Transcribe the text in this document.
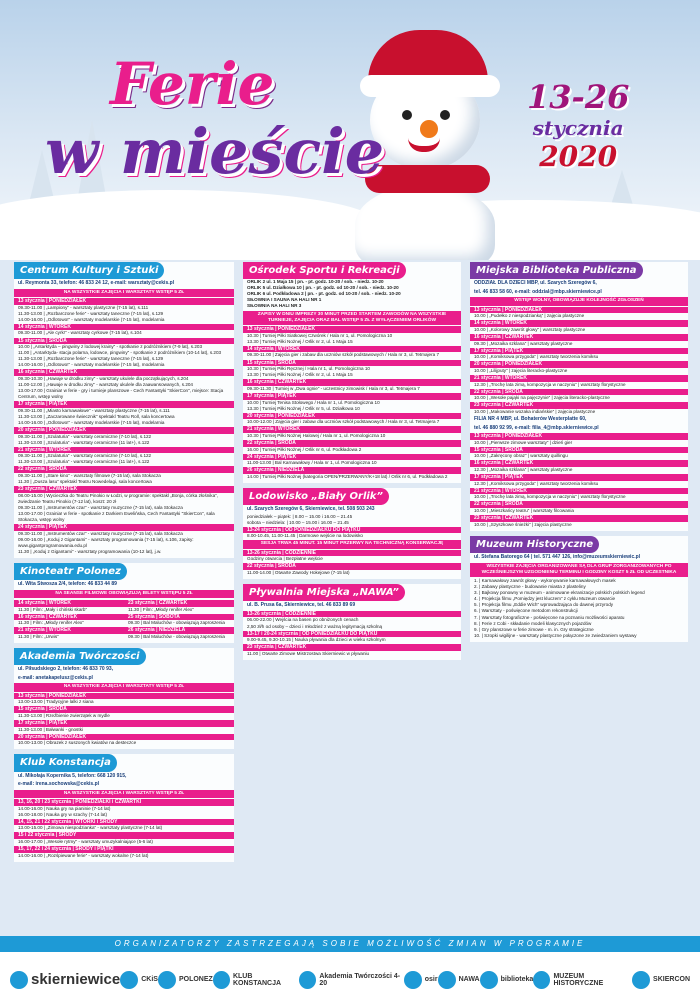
Ferie
w mieście
13-26
stycznia
2020
Centrum Kultury i Sztuki
ul. Reymonta 33, telefon: 46 833 24 12, e-mail: warsztaty@cekis.pl
NA WSZYSTKIE ZAJĘCIA I WARSZTATY WSTĘP 5 ZŁ
13 stycznia | PONIEDZIAŁEK
09.30-11.00 | „Lampiony” - warsztaty plastyczne (7-15 lat), s.111
11.30-13.00 | „Rozbarczone ferie” - warsztaty taneczne (7-15 lat), s.129
14.00-16.00 | „Odlotowo!” - warsztaty modelarskie (7-15 lat), modelarnia
14 stycznia | WTOREK
09.30-11.00 | „Ale cyrk!” - warsztaty cyrkowe (7-15 lat), s.104
15 stycznia | ŚRODA
10.00 | „Antarktyda – pingwiny z lodowej krainy” - spotkanie z podróżnikiem (7-9 lat), s.203
11.00 | „Antarktyda- stacja polarna, lodowce, pingwiny” - spotkanie z podróżnikiem (10-14 lat), s.203
11.30-13.00 | „Rozbarczone ferie” - warsztaty taneczne (7-15 lat), s.129
14.00-16.00 | „Odlotowo!” - warsztaty modelarskie (7-15 lat), modelarnia
16 stycznia | CZWARTEK
09.30-10.30 | „Hawaje w drodku zimy” - warsztaty ukulele dla początkujących, s.204
11.00-12.00 | „Hawaje w drodku zimy” - warsztaty ukulele dla zaawansowanych, s.204
13.00-17.00 | Grainia! w ferie - gry i turnieje planszowe - Cech Fantastyki "SkierCon", miejsce: Stacja Centrum, wstęp wolny
17 stycznia | PIĄTEK
09.30-11.00 | „Miasto karnawałowe” - warsztaty plastyczne (7-15 lat), s.111
11.30-13.00 | „Zaczarowane świecznik” spektakl Teatru Roll, sala koncertowa
14.00-16.00 | „Odlotowo!” - warsztaty modelarskie (7-15 lat), modelarnia
20 stycznia | PONIEDZIAŁEK
09.30-11.00 | „Szulaturia” - warsztaty ceramiczne (7-10 lat), s.122
11.30-13.00 | „Szulaturia” - warsztaty ceramiczne (11 lat+), s.122
21 stycznia | WTOREK
09.30-11.00 | „Szulaturia” - warsztaty ceramiczne (7-10 lat), s.122
11.30-13.00 | „Szulaturia” - warsztaty ceramiczne (11 lat+), s.122
22 stycznia | ŚRODA
09.30-11.00 | „Stare kino” - warsztaty filmowe (7-15 lat), sala Stokacza
11.30 | „Dusza lasu” spektakl Teatru Nowedelagi, sala koncertowa
23 stycznia | CZWARTEK
08.00-15.00 | Wycieczka do Teatru Pinokio w Łodzi, w programie: spektakl „Bonja, córka złośnika”, zwiedzanie Teatru Pinokio (7-12 lat), koszt: 20 zł
09.30-11.00 | „Instrumentów czar” - warsztaty muzyczne (7-15 lat), sala Stokacza
13.00-17.00 | Grainia! w ferie - spotkanie z Darkiem Ewelińska, Cech Fantastyki "SkierCon", sala Stokacza, wstęp wolny
24 stycznia | PIĄTEK
09.30-11.00 | „Instrumentów czar” - warsztaty muzyczne (7-15 lat), sala Stokacza
09.00-16.00 | „Koduj z Gigantami” - warsztaty programowania (7-15 lat), s.106, zapisy: www.gigantprogramowania.edu.pl
11.30 | „Koduj z Gigantami” - warsztaty programowania (10-12 lat), j.w.
Kinoteatr Polonez
ul. Wita Stwosza 2/4, telefon: 46 833 44 89
NA SEANSE FILMOWE OBOWIĄZUJĄ BILETY WSTĘPU 5 ZŁ
14 stycznia | WTOREK
11.30 | Film: „Mały i chiński skarb”
16 stycznia | CZWARTEK
11.30 | Film: „Młody renifer Alex”
21 stycznia | WTOREK
11.30 | Film: „Urwis”
23 stycznia | CZWARTEK
11.30 | Film: „Młody renifer Alex”
25 stycznia | SOBOTA
09.30 | Bal Maluchów - obowiązują zaproszenia
26 stycznia | NIEDZIELA
09.30 | Bal Maluchów - obowiązują zaproszenia
Akademia Twórczości
ul. Piłsudskiego 2, telefon: 46 833 70 93,
e-mail: anetakapelusz@cekis.pl
NA WSZYSTKIE ZAJĘCIA I WARSZTATY WSTĘP 5 ZŁ
13 stycznia | PONIEDZIAŁEK
13.00-13.00 | Tradycyjne lalki z siana
15 stycznia | ŚRODA
11.30-13.00 | Rzeźbienie zwierzątek w mydle
17 stycznia | PIĄTEK
11.30-13.00 | Bałwanki - gnostki
20 stycznia | PONIEDZIAŁEK
10.00-13.00 | Obrazek z suszonych kwiatów na desteczce
Klub Konstancja
ul. Mikołaja Kopernika 5, telefon: 668 120 915,
e-mail: irena.sochowska@cekis.pl
NA WSZYSTKIE ZAJĘCIA I WARSZTATY WSTĘP 5 ZŁ
13, 16, 20 i 23 stycznia | PONIEDZIAŁKI i CZWARTKI
14.00-16.00 | Nauka gry na pianinie (7-14 lat)
16.00-18.00 | Nauka gry w szachy (7-14 lat)
14, 15, 21 i 22 stycznia | WTORKI i ŚRODY
13.00-15.00 | „Zimowa niespodzianka” - warsztaty plastyczne (7-14 lat)
15 i 22 stycznia | ŚRODY
16.00-17.00 | „Wesołe rytmy” - warsztaty umuzykalniające (5-6 lat)
15, 17, 22 i 24 stycznia | ŚRODY i PIĄTKI
14.00-16.00 | „Rozśpiewane ferie” - warsztaty wokalne (7-14 lat)
Ośrodek Sportu i Rekreacji
ORLIK 2 ul. 1 Maja 15 | pn. - pt. godz. 10-20 / sob. - niedz. 10-20
ORLIK 5 ul. Działkowa 10 | pn. - pt. godz. od 10-20 / sob. - niedz. 10-20
ORLIK 6 ul. Podkładowa 2 | pn. - pt. godz. od 10-20 / sob. - niedz. 10-20
SIŁOWNIA I SAUNA NA HALI NR 1
SIŁOWNIA NA HALI NR 3
ZAPISY W DNIU IMPREZY 30 MINUT PRZED STARTEM ZAWODÓW NA WSZYSTKIE TURNIEJE, ZAJĘCIA ORAZ BAL WSTĘP 5 ZŁ Z WYŁĄCZENIEM ORLIKÓW
13 stycznia | PONIEDZIAŁEK
10.30 | Turniej Piłki Siatkowej Czwórek / Hala nr 1, ul. Pomologiczna 10
13.30 | Turniej Piłki Nożnej / Orlik nr 2, ul. 1 Maja 15
14 stycznia | WTOREK
09.30-11.00 | Zajęcia gier i zabaw dla uczniów szkół podstawowych / Hala nr 3, ul. Tetmajera 7
15 stycznia | ŚRODA
10.30 | Turniej Piłki Ręcznej / Hala nr 1, ul. Pomologiczna 10
13.30 | Turniej Piłki Nożnej / Orlik nr 2, ul. 1 Maja 15
16 stycznia | CZWARTEK
09.30-11.30 | Turniej w „Dwa ognie” - uczestnicy zimowisk / Hala nr 3, ul. Tetmajera 7
17 stycznia | PIĄTEK
10.00 | Turniej Tenisa Stołowego / Hala nr 1, ul. Pomologiczna 10
13.30 | Turniej Piłki Nożnej / Orlik nr 5, ul. Działkowa 10
20 stycznia | PONIEDZIAŁEK
10.00-12.00 | Zajęcia gier i zabaw dla uczniów szkół podstawowych / Hala nr 3, ul. Tetmajera 7
21 stycznia | WTOREK
10.30 | Turniej Piłki Nożnej Halowej / Hala nr 1, ul. Pomologiczna 10
22 stycznia | ŚRODA
16.00 | Turniej Piłki Nożnej / Orlik nr 6, ul. Podkładowa 2
24 stycznia | PIĄTEK
11.00-13.00 | Bal Karnawałowy / Hala nr 1, ul. Pomologiczna 10
26 stycznia | NIEDZIELA
14.00 | Turniej Piłki Nożnej (kategoria OPEN/PRZERWANY/K+18 lat) / Orlik nr 6, ul. Podkładowa 2
Lodowisko „Biały Orlik”
ul. Szarych Szeregów 6, Skierniewice, tel. 508 503 243
poniedziałek – piątek: | 8.00 – 15.00 i 16.00 – 21.45
sobota – niedziela: | 10.00 – 15.00 i 16.00 – 21.45
13-24 stycznia | OD PONIEDZIAŁKU DO PIĄTKU
8.00-10.45, 11.00-11.45 | Darmowe wejście na lodowisko
SESJA TRWA 45 MINUT. 15 MINUT PRZERWY NA TECHNICZNĄ KONSERWACJĘ
13-26 stycznia | CODZIENNIE
Godziny otwarcia | Bezpłatne wejście
22 stycznia | ŚRODA
11.00-14.00 | Otwarte Zawody Hokejowe (7-15 lat)
Pływalnia Miejska „NAWA”
ul. B. Prusa 6a, Skierniewice, tel. 46 833 89 69
13-26 stycznia | CODZIENNIE
06.00-22.00 | Wejścia na basen po obniżonych cenach
2,50 zł/h od osoby – dzieci i młodzież z ważną legitymacją szkolną
13-17 i 20-24 stycznia | OD PONIEDZIAŁKU DO PIĄTKU
9.00-9.45, 9.30-10.15 | Nauka pływania dla dzieci w wieku szkolnym
23 stycznia | CZWARTEK
11.00 | Otwarte Zimowe Mistrzostwa Skierniewic w pływaniu
Miejska Biblioteka Publiczna
ODDZIAŁ DLA DZIECI MBP, ul. Szarych Szeregów 6,
tel. 46 833 58 60, e-mail: oddzial@mbp.skierniewice.pl
WSTĘP WOLNY, OBOWIĄZUJE KOLEJNOŚĆ ZGŁOSZEŃ
13 stycznia | PONIEDZIAŁEK
10.00 | „Pudełko z niespodzianką” | zajęcia plastyczne
14 stycznia | WTOREK
10.00 | „Kolorowy zawrót głowy” | warsztaty plastyczne
16 stycznia | CZWARTEK
09.30 | „Mozaika szklana” | warsztaty plastyczne
17 stycznia | PIĄTEK
10.00 | „Komiksowa przygoda” | warsztaty tworzenia komiksu
20 stycznia | PONIEDZIAŁEK
10.00 | „Lilijputy” | zajęcia literacko-plastyczne
21 stycznia | WTOREK
12.30 | „Trochę lata zimą, kompozycja w naczyniu” | warsztaty florystyczne
22 stycznia | ŚRODA
10.00 | „Wesołe pająki na pajęczynie” | zajęcia literacko-plastyczne
23 stycznia | CZWARTEK
10.00 | „Makowanie wozaka indiańskie” | zajęcia plastyczne
FILIA NR 4 MBP, ul. Bohaterów Westerplatte 60,
tel. 46 880 92 99, e-mail: filia_4@mbp.skierniewice.pl
13 stycznia | PONIEDZIAŁEK
10.00 | „Pierwsze zimowe warsztaty” | dzień gier
15 stycznia | ŚRODA
10.00 | „Zakręcony obraz” | warsztaty quillingu
16 stycznia | CZWARTEK
12.30 | „Mozaika szklana” | warsztaty plastyczne
17 stycznia | PIĄTEK
12.30 | „Komiksowa przygoda” | warsztaty tworzenia komiksu
21 stycznia | WTOREK
10.00 | „Trochę lata zimą, kompozycja w naczyniu” | warsztaty florystyczne
22 stycznia | ŚRODA
10.00 | „Mieszkańcy teatru” | warsztaty filcowania
23 stycznia | CZWARTEK
10.00 | „Szyszkowe śnieżki” | zajęcia plastyczne
Muzeum Historyczne
ul. Stefana Batorego 64 | tel. 571 447 126, info@muzeumskierniewic.pl
WSZYSTKIE ZAJĘCIA ORGANIZOWANE SĄ DLA GRUP ZORGANIZOWANYCH PO WCZEŚNIEJSZYM UZGODNIENIU TERMINU I GODZINY KOSZT 5 ZŁ OD UCZESTNIKA
1. | Karnawałowy zawrót głowy - wykonywanie karnawałowych masek
2. | Zabawy plastyczne - budowanie miasta z plasteliny
3. | Bajkowy ponowny w muzeum - animowane ekranizacje polskich polskich legend
4. | Projekcja filmu „Pomiędzy jest kluczem” z cyklu Muzeum otwarcie
5. | Projekcja filmu „Eddie Wich” wprowadzająca do dawnej przyrody
6. | Warsztaty - poświęcone metodom rekonstrukcji
7. | Warsztaty fotograficzne - poświęcone na poznaniu możliwości aparatu
8. | Ferie z Cobi - składanie modeli klasycznych pojazdów
9. | Gry planszowe w ferie zimowe - m. in. Gry strategiczne
10. | Szopki wigilijne - warsztaty plastyczne połączone ze zwiedzaniem wystawy
ORGANIZATORZY ZASTRZEGAJĄ SOBIE MOŻLIWOŚĆ ZMIAN W PROGRAMIE
skierniewice	CKiS	POLONEZ	KLUB KONSTANCJA
Akademia Twórczości 4-20	osir	NAWA	biblioteka	MUZEUM HISTORYCZNE	SKIERCON
